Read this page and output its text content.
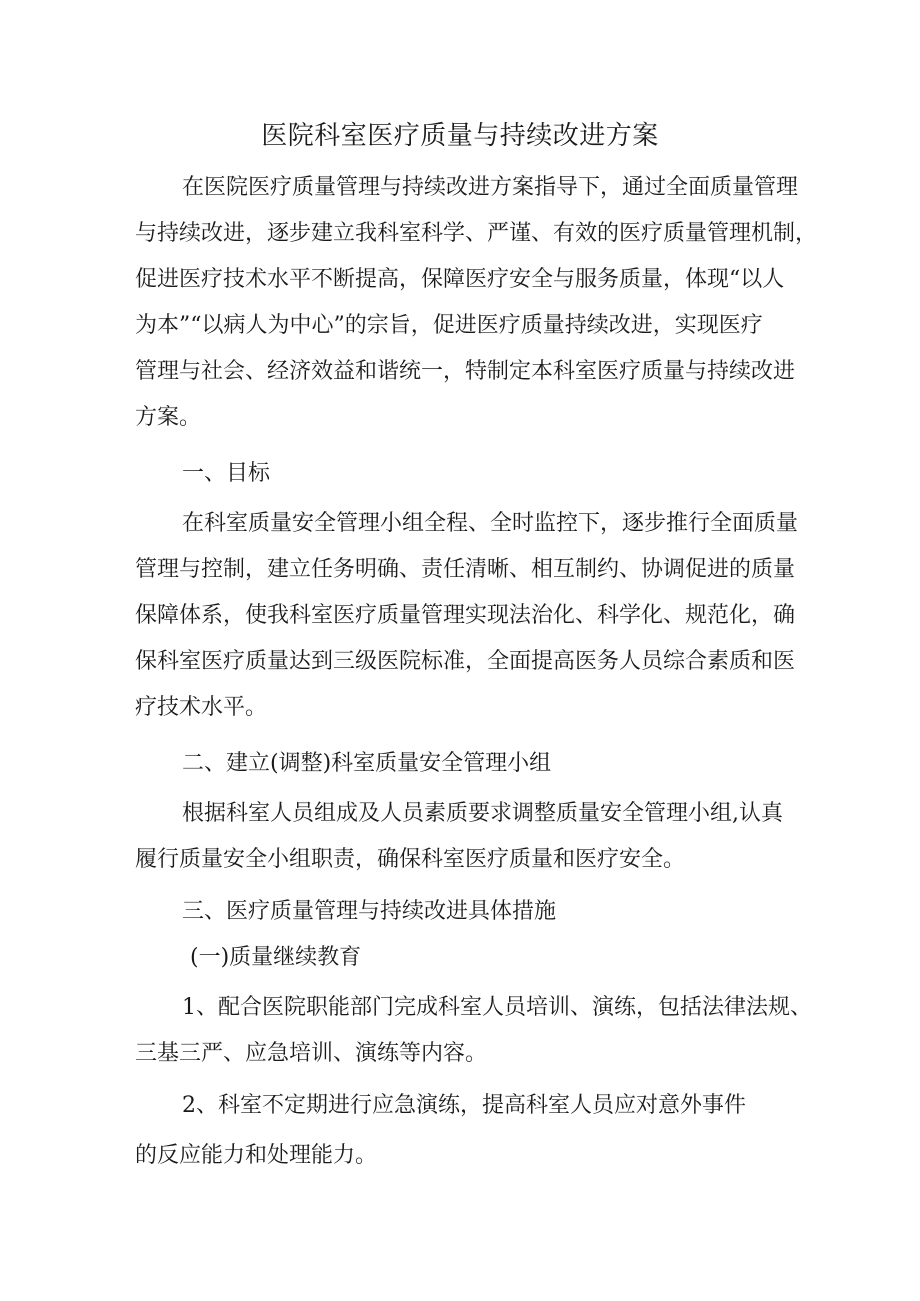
医院科室医疗质量与持续改进方案
在医院医疗质量管理与持续改进方案指导下，通过全面质量管理
与持续改进，逐步建立我科室科学、严谨、有效的医疗质量管理机制，
促进医疗技术水平不断提高，保障医疗安全与服务质量，体现“以人
为本”“以病人为中心”的宗旨，促进医疗质量持续改进，实现医疗
管理与社会、经济效益和谐统一，特制定本科室医疗质量与持续改进
方案。
一、目标
在科室质量安全管理小组全程、全时监控下，逐步推行全面质量
管理与控制，建立任务明确、责任清晰、相互制约、协调促进的质量
保障体系，使我科室医疗质量管理实现法治化、科学化、规范化，确
保科室医疗质量达到三级医院标准，全面提高医务人员综合素质和医
疗技术水平。
二、建立(调整)科室质量安全管理小组
根据科室人员组成及人员素质要求调整质量安全管理小组,认真
履行质量安全小组职责，确保科室医疗质量和医疗安全。
三、医疗质量管理与持续改进具体措施
(一)质量继续教育
1、配合医院职能部门完成科室人员培训、演练，包括法律法规、
三基三严、应急培训、演练等内容。
2、科室不定期进行应急演练，提高科室人员应对意外事件
的反应能力和处理能力。
